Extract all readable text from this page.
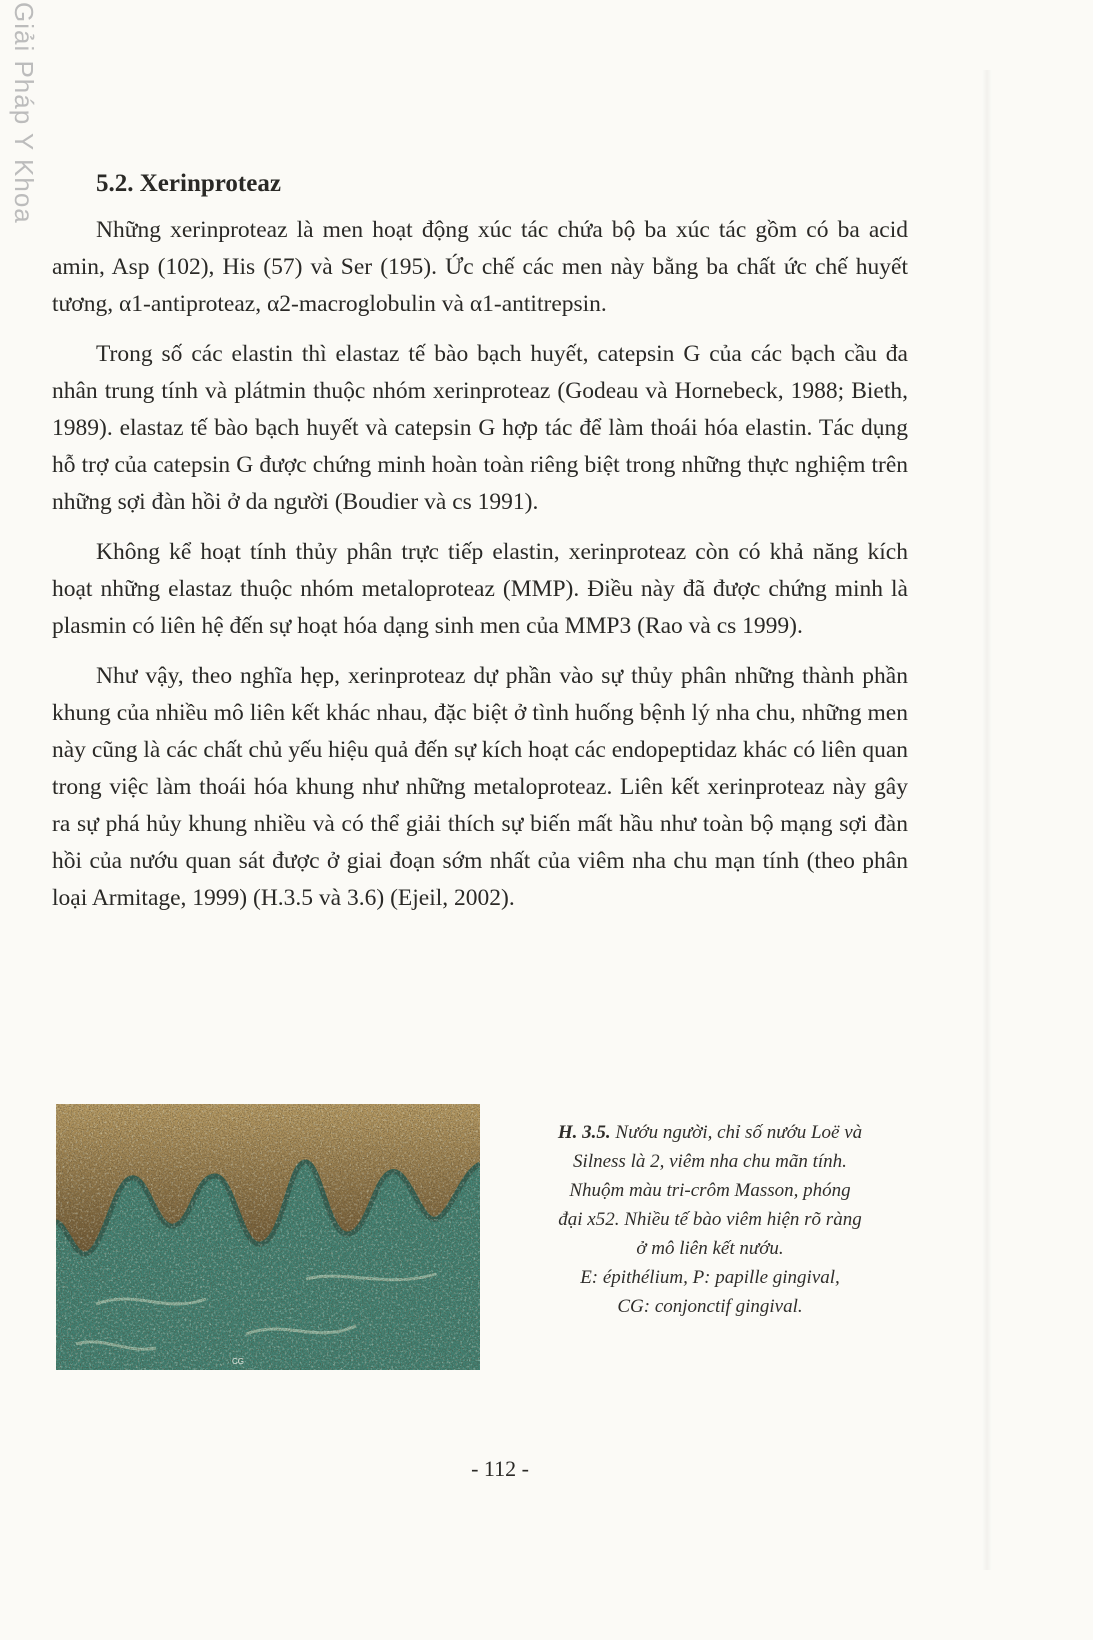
Giải Pháp Y Khoa 5.2. Xerinproteaz

Những xerinproteaz là men hoạt động xúc tác chứa bộ ba xúc tác gồm có ba acid amin, Asp (102), His (57) và Ser (195). Ức chế các men này bằng ba chất ức chế huyết tương, α1-antiproteaz, α2-macroglobulin và α1-antitrepsin.

Trong số các elastin thì elastaz tế bào bạch huyết, catepsin G của các bạch cầu đa nhân trung tính và plátmin thuộc nhóm xerinproteaz (Godeau và Hornebeck, 1988; Bieth, 1989). elastaz tế bào bạch huyết và catepsin G hợp tác để làm thoái hóa elastin. Tác dụng hỗ trợ của catepsin G được chứng minh hoàn toàn riêng biệt trong những thực nghiệm trên những sợi đàn hồi ở da người (Boudier và cs 1991).

Không kể hoạt tính thủy phân trực tiếp elastin, xerinproteaz còn có khả năng kích hoạt những elastaz thuộc nhóm metaloproteaz (MMP). Điều này đã được chứng minh là plasmin có liên hệ đến sự hoạt hóa dạng sinh men của MMP3 (Rao và cs 1999).

Như vậy, theo nghĩa hẹp, xerinproteaz dự phần vào sự thủy phân những thành phần khung của nhiều mô liên kết khác nhau, đặc biệt ở tình huống bệnh lý nha chu, những men này cũng là các chất chủ yếu hiệu quả đến sự kích hoạt các endopeptidaz khác có liên quan trong việc làm thoái hóa khung như những metaloproteaz. Liên kết xerinproteaz này gây ra sự phá hủy khung nhiều và có thể giải thích sự biến mất hầu như toàn bộ mạng sợi đàn hồi của nướu quan sát được ở giai đoạn sớm nhất của viêm nha chu mạn tính (theo phân loại Armitage, 1999) (H.3.5 và 3.6) (Ejeil, 2002).

CG
H. 3.5. Nướu người, chỉ số nướu Loë và
Silness là 2, viêm nha chu mãn tính.
Nhuộm màu tri-crôm Masson, phóng
đại x52. Nhiều tế bào viêm hiện rõ ràng
ở mô liên kết nướu.
E: épithélium, P: papille gingival,
CG: conjonctif gingival.
- 112 -
